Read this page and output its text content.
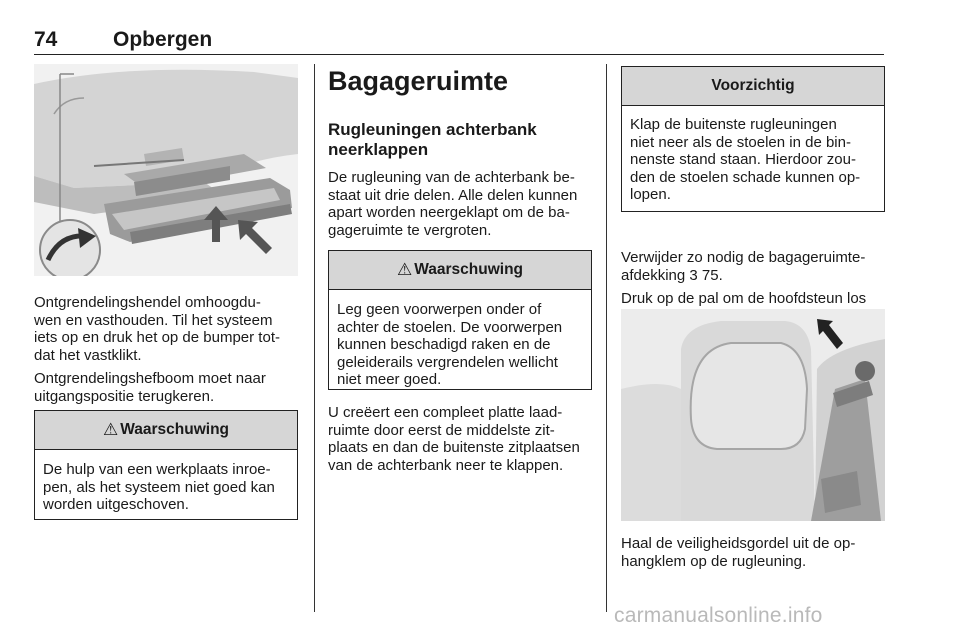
74	Opbergen

Ontgrendelingshendel omhoogdu-
wen en vasthouden. Til het systeem
iets op en druk het op de bumper tot-
dat het vastklikt.

Ontgrendelingshefboom moet naar
uitgangspositie terugkeren.

⚠ Waarschuwing
De hulp van een werkplaats inroe-
pen, als het systeem niet goed kan
worden uitgeschoven.
Bagageruimte
Rugleuningen achterbank
neerklappen

De rugleuning van de achterbank be-
staat uit drie delen. Alle delen kunnen
apart worden neergeklapt om de ba-
gageruimte te vergroten.

⚠ Waarschuwing
Leg geen voorwerpen onder of
achter de stoelen. De voorwerpen
kunnen beschadigd raken en de
geleiderails vergrendelen wellicht
niet meer goed.

U creëert een compleet platte laad-
ruimte door eerst de middelste zit-
plaats en dan de buitenste zitplaatsen
van de achterbank neer te klappen.

Voorzichtig
Klap de buitenste rugleuningen
niet neer als de stoelen in de bin-
nenste stand staan. Hierdoor zou-
den de stoelen schade kunnen op-
lopen.

Verwijder zo nodig de bagageruimte-
afdekking 3 75.

Druk op de pal om de hoofdsteun los

Haal de veiligheidsgordel uit de op-
hangklem op de rugleuning.

carmanualsonline.info
